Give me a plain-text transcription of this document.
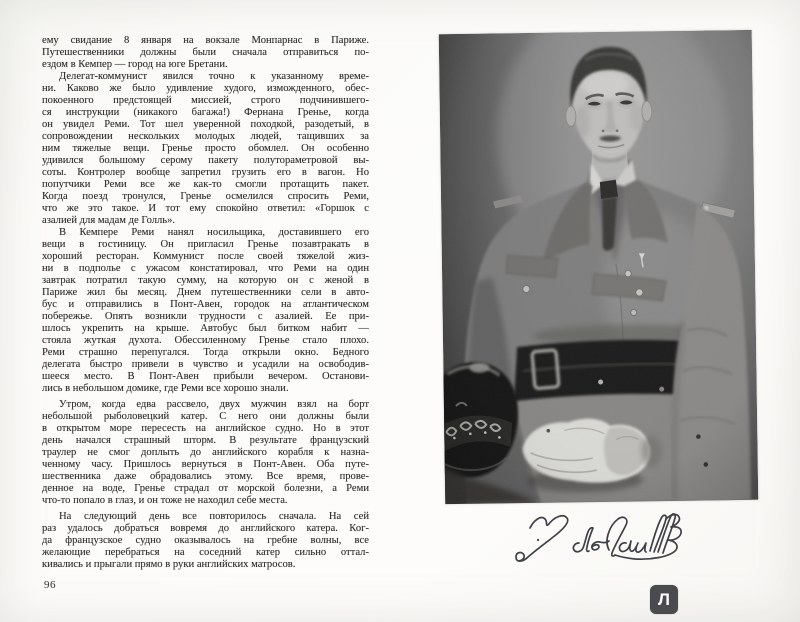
ему свидание 8 января на вокзале Монпарнас в Париже.
Путешественники должны были сначала отправиться по-
ездом в Кемпер — город на юге Бретани.
Делегат-коммунист явился точно к указанному време-
ни. Каково же было удивление худого, изможденного, обес-
покоенного предстоящей миссией, строго подчинившего-
ся инструкции (никакого багажа!) Фернана Гренье, когда
он увидел Реми. Тот шел уверенной походкой, разодетый, в
сопровождении нескольких молодых людей, тащивших за
ним тяжелые вещи. Гренье просто обомлел. Он особенно
удивился большому серому пакету полутораметровой вы-
соты. Контролер вообще запретил грузить его в вагон. Но
попутчики Реми все же как-то смогли протащить пакет.
Когда поезд тронулся, Гренье осмелился спросить Реми,
что же это такое. И тот ему спокойно ответил: «Горшок с
азалией для мадам де Голль».
В Кемпере Реми нанял носильщика, доставившего его
вещи в гостиницу. Он пригласил Гренье позавтракать в
хороший ресторан. Коммунист после своей тяжелой жиз-
ни в подполье с ужасом констатировал, что Реми на один
завтрак потратил такую сумму, на которую он с женой в
Париже жил бы месяц. Днем путешественники сели в авто-
бус и отправились в Понт-Авен, городок на атлантическом
побережье. Опять возникли трудности с азалией. Ее при-
шлось укрепить на крыше. Автобус был битком набит —
стояла жуткая духота. Обессиленному Гренье стало плохо.
Реми страшно перепугался. Тогда открыли окно. Бедного
делегата быстро привели в чувство и усадили на освободив-
шееся место. В Понт-Авен прибыли вечером. Останови-
лись в небольшом домике, где Реми все хорошо знали.
Утром, когда едва рассвело, двух мужчин взял на борт
небольшой рыболовецкий катер. С него они должны были
в открытом море пересесть на английское судно. Но в этот
день начался страшный шторм. В результате французский
траулер не смог доплыть до английского корабля к назна-
ченному часу. Пришлось вернуться в Понт-Авен. Оба путе-
шественника даже обрадовались этому. Все время, прове-
денное на воде, Гренье страдал от морской болезни, а Реми
что-то попало в глаз, и он тоже не находил себе места.
На следующий день все повторилось сначала. На сей
раз удалось добраться вовремя до английского катера. Ког-
да французское судно оказывалось на гребне волны, все
желающие перебраться на соседний катер сильно оттал-
кивались и прыгали прямо в руки английских матросов.
96
Л
